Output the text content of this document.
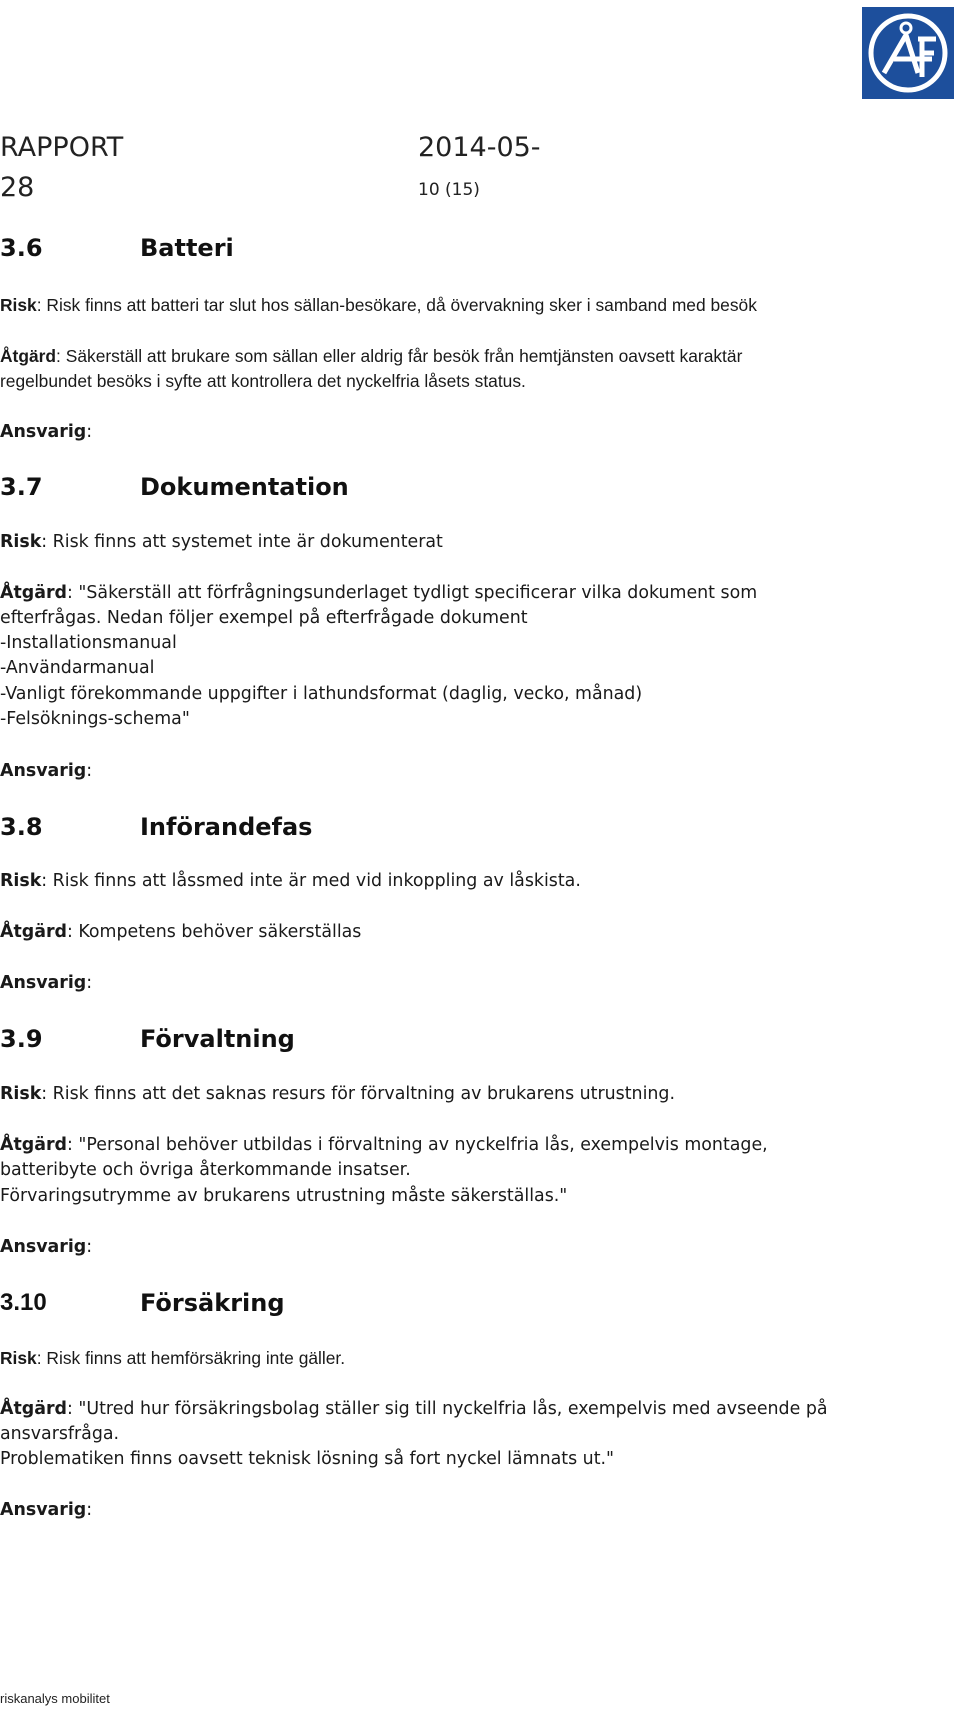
RAPPORT
28
2014-05-
10 (15)
3.6	Batteri
Risk: Risk finns att batteri tar slut hos sällan-besökare, då övervakning sker i samband med besök
Åtgärd: Säkerställ att brukare som sällan eller aldrig får besök från hemtjänsten oavsett karaktär
regelbundet besöks i syfte att kontrollera det nyckelfria låsets status.
Ansvarig:
3.7	Dokumentation
Risk: Risk finns att systemet inte är dokumenterat
Åtgärd: "Säkerställ att förfrågningsunderlaget tydligt specificerar vilka dokument som
efterfrågas. Nedan följer exempel på efterfrågade dokument
-Installationsmanual
-Användarmanual
-Vanligt förekommande uppgifter i lathundsformat (daglig, vecko, månad)
-Felsöknings-schema"
Ansvarig:
3.8	Införandefas
Risk: Risk finns att låssmed inte är med vid inkoppling av låskista.
Åtgärd: Kompetens behöver säkerställas
Ansvarig:
3.9	Förvaltning
Risk: Risk finns att det saknas resurs för förvaltning av brukarens utrustning.
Åtgärd: "Personal behöver utbildas i förvaltning av nyckelfria lås, exempelvis montage,
batteribyte och övriga återkommande insatser.
Förvaringsutrymme av brukarens utrustning måste säkerställas."
Ansvarig:
3.10	Försäkring
Risk: Risk finns att hemförsäkring inte gäller.
Åtgärd: "Utred hur försäkringsbolag ställer sig till nyckelfria lås, exempelvis med avseende på
ansvarsfråga.
Problematiken finns oavsett teknisk lösning så fort nyckel lämnats ut."
Ansvarig:
riskanalys mobilitet
